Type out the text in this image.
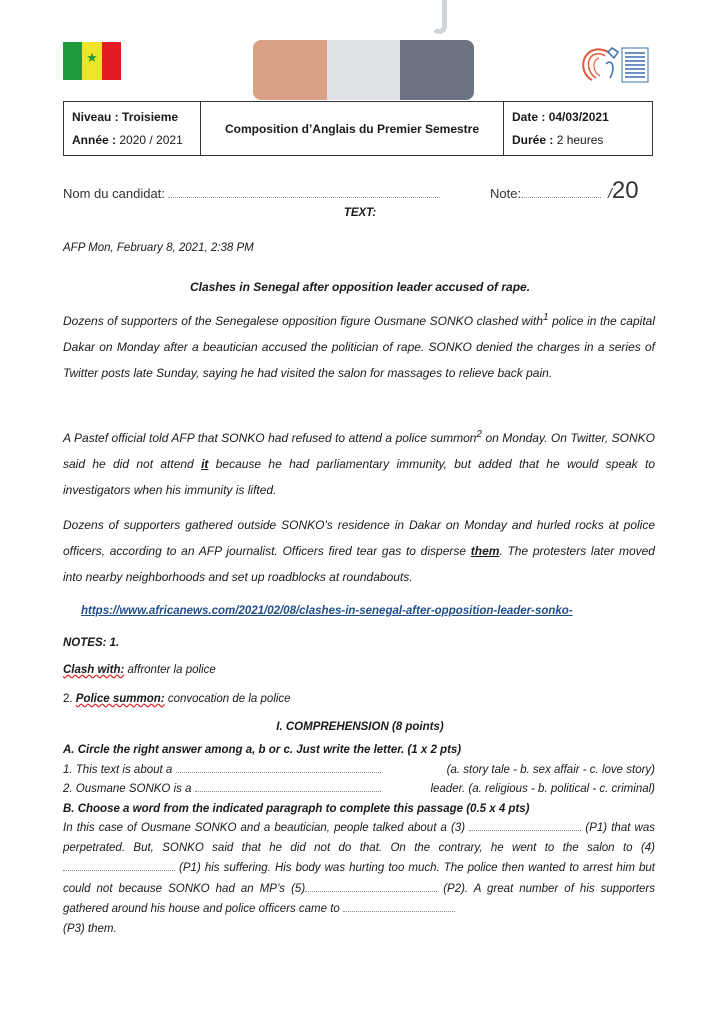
★
Niveau : Troisieme
Année : 2020 / 2021
Composition d’Anglais du Premier Semestre
Date : 04/03/2021
Durée : 2 heures
Nom du candidat:	Note:	/20
TEXT:
AFP Mon, February 8, 2021, 2:38 PM
Clashes in Senegal after opposition leader accused of rape.
Dozens of supporters of the Senegalese opposition figure Ousmane SONKO clashed with$^1$ police in the capital Dakar on Monday after a beautician accused the politician of rape. SONKO denied the charges in a series of Twitter posts late Sunday, saying he had visited the salon for massages to relieve back pain.
A Pastef official told AFP that SONKO had refused to attend a police summon$^2$ on Monday. On Twitter, SONKO said he did not attend it because he had parliamentary immunity, but added that he would speak to investigators when his immunity is lifted.
Dozens of supporters gathered outside SONKO's residence in Dakar on Monday and hurled rocks at police officers, according to an AFP journalist. Officers fired tear gas to disperse them. The protesters later moved into nearby neighborhoods and set up roadblocks at roundabouts.
https://www.africanews.com/2021/02/08/clashes-in-senegal-after-opposition-leader-sonko-
NOTES: 1.
Clash with: affronter la police
2. Police summon: convocation de la police
I. COMPREHENSION (8 points)
A. Circle the right answer among a, b or c. Just write the letter. (1 x 2 pts)
1. This text is about a	(a. story tale - b. sex affair - c. love story)
2. Ousmane SONKO is a	leader. (a. religious - b. political - c. criminal)
B. Choose a word from the indicated paragraph to complete this passage (0.5 x 4 pts)
In this case of Ousmane SONKO and a beautician, people talked about a (3)	(P1) that was perpetrated. But, SONKO said that he did not do that. On the contrary, he went to the salon to (4)  (P1) his suffering. His body was hurting too much. The police then wanted to arrest him but could not because SONKO had an MP’s (5)	(P2). A great number of his supporters gathered around his house and police officers came to
(P3) them.
